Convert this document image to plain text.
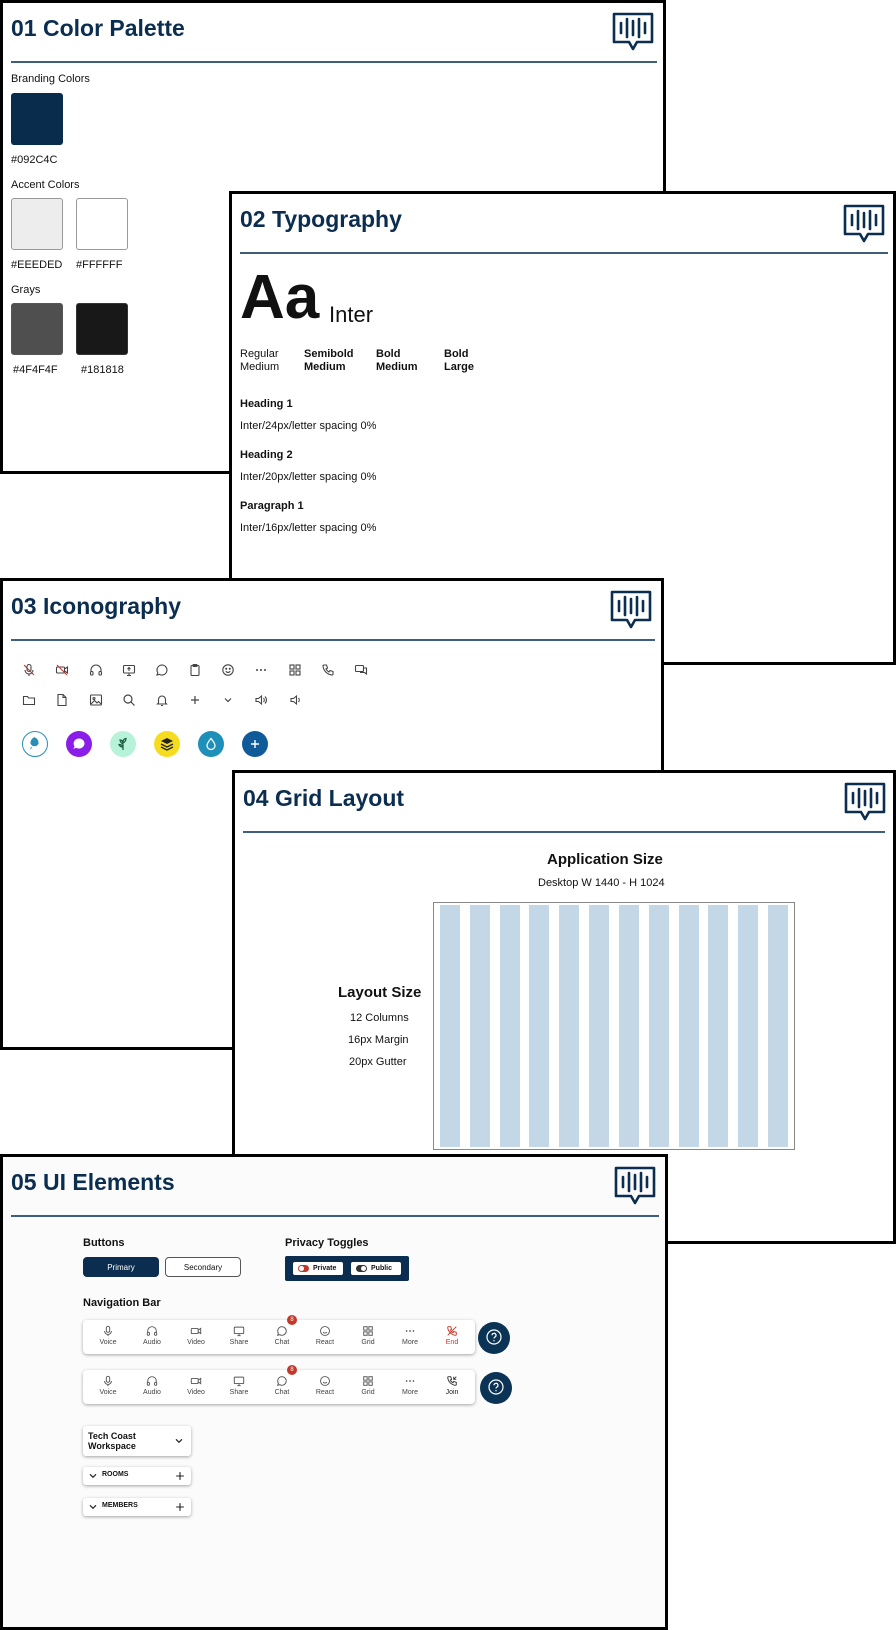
01 Color Palette
Branding Colors
#092C4C
Accent Colors
#EEEDED #FFFFFF
Grays
#4F4F4F #181818
02 Typography
Aa Inter
Regular
Medium
Semibold
Medium
Bold
Medium
Bold
Large
Heading 1
Inter/24px/letter spacing 0%
Heading 2
Inter/20px/letter spacing 0%
Paragraph 1
Inter/16px/letter spacing 0%
03 Iconography
04 Grid Layout
Application Size
Desktop W 1440 - H 1024
Layout Size
12 Columns
16px Margin
20px Gutter
05 UI Elements
Buttons
Primary	Secondary
Privacy Toggles
Private	Public
Navigation Bar
Voice	Audio	Video	Share	Chat
8
React	Grid	More	End
Voice	Audio	Video	Share	Chat
8
React	Grid	More	Join
Tech Coast
Workspace
ROOMS
MEMBERS
